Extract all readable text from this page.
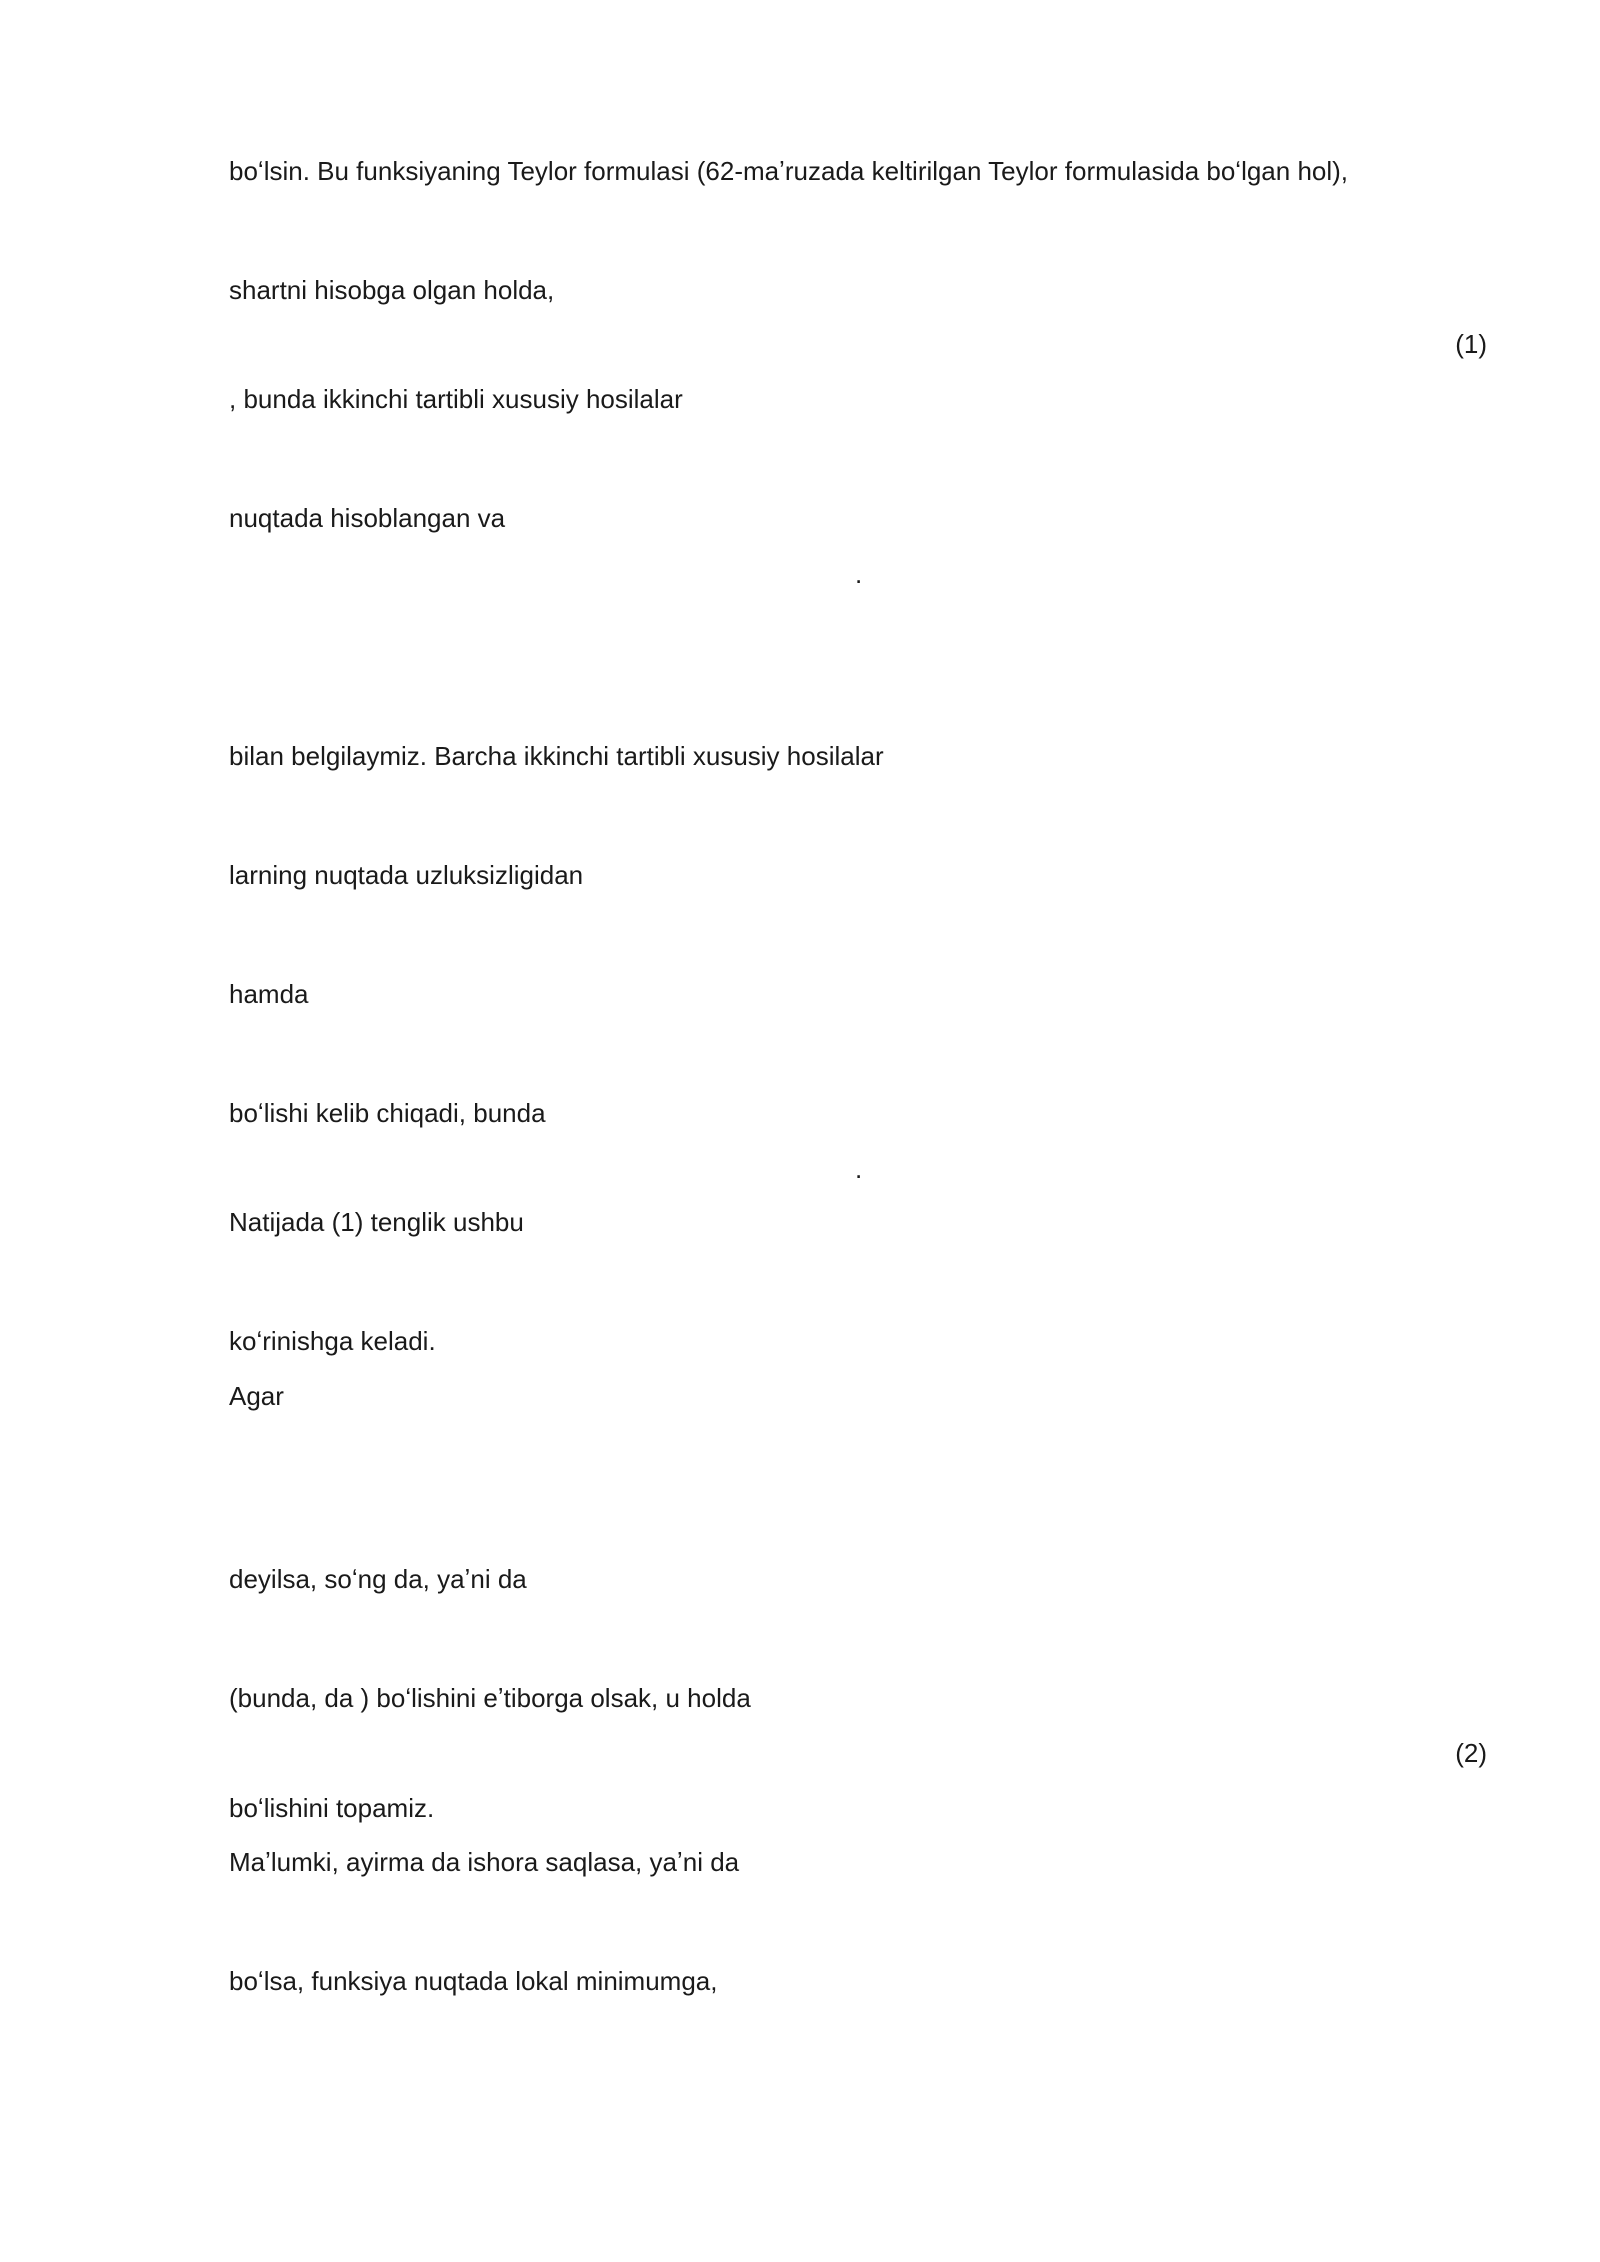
boʻlsin. Bu funksiyaning Teylor formulasi (62-maʼruzada keltirilgan Teylor formulasida boʻlgan hol),
shartni hisobga olgan holda,
(1)
, bunda ikkinchi tartibli xususiy hosilalar
nuqtada hisoblangan va
.
bilan belgilaymiz. Barcha ikkinchi tartibli xususiy hosilalar
larning nuqtada uzluksizligidan
hamda
boʻlishi kelib chiqadi, bunda
.
Natijada (1) tenglik ushbu
koʻrinishga keladi.
Agar
deyilsa, soʻng da, yaʼni da
(bunda, da ) boʻlishini eʼtiborga olsak, u holda
(2)
boʻlishini topamiz.
Maʼlumki, ayirma da ishora saqlasa, yaʼni da
boʻlsa, funksiya nuqtada lokal minimumga,
